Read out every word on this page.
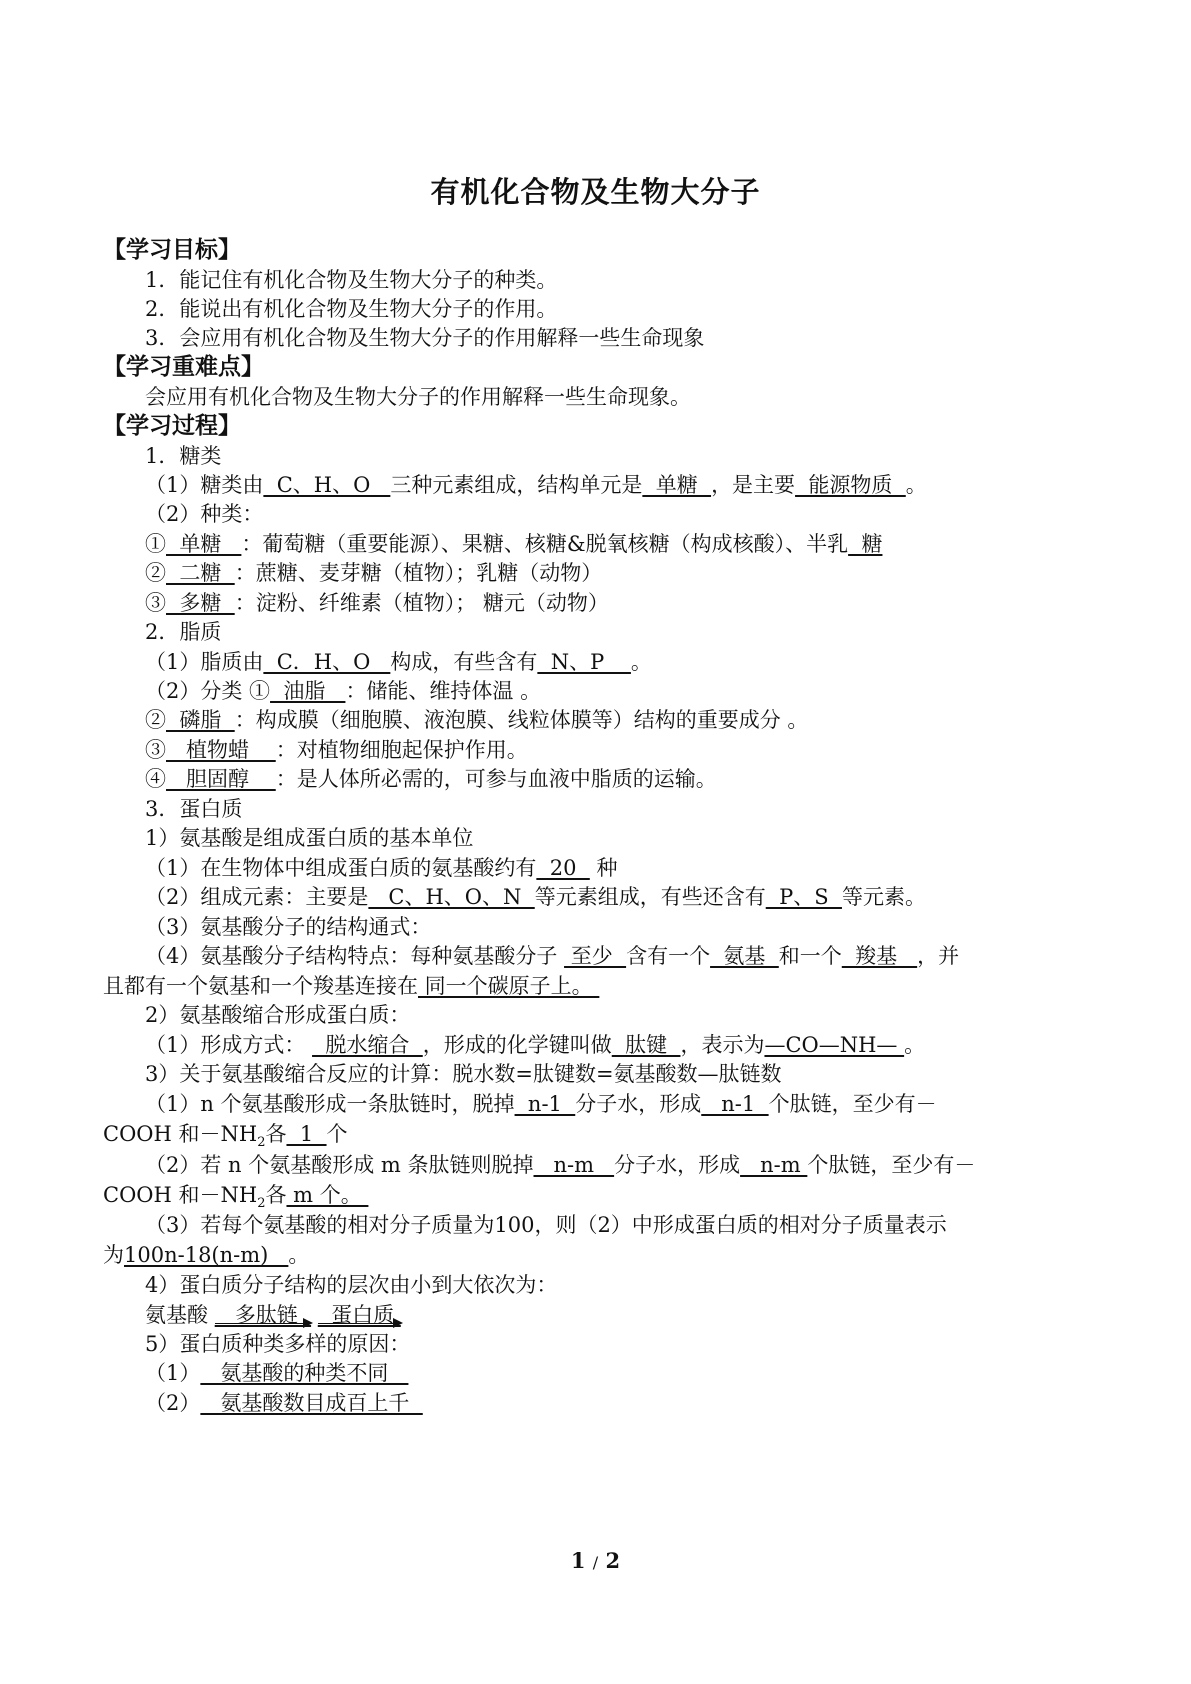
有机化合物及生物大分子
【学习目标】
1．能记住有机化合物及生物大分子的种类。
2．能说出有机化合物及生物大分子的作用。
3．会应用有机化合物及生物大分子的作用解释一些生命现象
【学习重难点】
会应用有机化合物及生物大分子的作用解释一些生命现象。
【学习过程】
1．糖类
（1）糖类由  C、H、O   三种元素组成，结构单元是  单糖  ，是主要  能源物质  。
（2）种类：
①  单糖   ：葡萄糖（重要能源）、果糖、核糖&脱氧核糖（构成核酸）、半乳  糖
②  二糖  ：蔗糖、麦芽糖（植物）；乳糖（动物）
③  多糖  ：淀粉、纤维素（植物）； 糖元（动物）
2．脂质
（1）脂质由  C．H、O   构成，有些含有  N、P    。
（2）分类 ①  油脂   ：储能、维持体温 。
②  磷脂  ：构成膜（细胞膜、液泡膜、线粒体膜等）结构的重要成分 。
③   植物蜡    ：对植物细胞起保护作用。
④   胆固醇    ：是人体所必需的，可参与血液中脂质的运输。
3．蛋白质
1）氨基酸是组成蛋白质的基本单位
（1）在生物体中组成蛋白质的氨基酸约有  20   种
（2）组成元素：主要是   C、H、O、N  等元素组成，有些还含有  P、S  等元素。
（3）氨基酸分子的结构通式：
（4）氨基酸分子结构特点：每种氨基酸分子  至少  含有一个  氨基  和一个  羧基   ，并
且都有一个氨基和一个羧基连接在 同一个碳原子上。
2）氨基酸缩合形成蛋白质：
（1）形成方式：   脱水缩合  ，形成的化学键叫做  肽键  ，表示为—CO—NH— 。
3）关于氨基酸缩合反应的计算：脱水数=肽键数=氨基酸数—肽链数
（1）n 个氨基酸形成一条肽链时，脱掉  n-1  分子水，形成   n-1  个肽链，至少有－
COOH 和$-NH_2$各  1  个
（2）若 n 个氨基酸形成 m 条肽链则脱掉   n-m   分子水，形成   n-m 个肽链，至少有－
COOH 和$-NH_2$各 m 个。
（3）若每个氨基酸的相对分子质量为100，则（2）中形成蛋白质的相对分子质量表示
为100n-18(n-m)   。
4）蛋白质分子结构的层次由小到大依次为：
氨基酸    多肽链
蛋白质
5）蛋白质种类多样的原因：
（1）   氨基酸的种类不同
（2）   氨基酸数目成百上千
1 / 2
